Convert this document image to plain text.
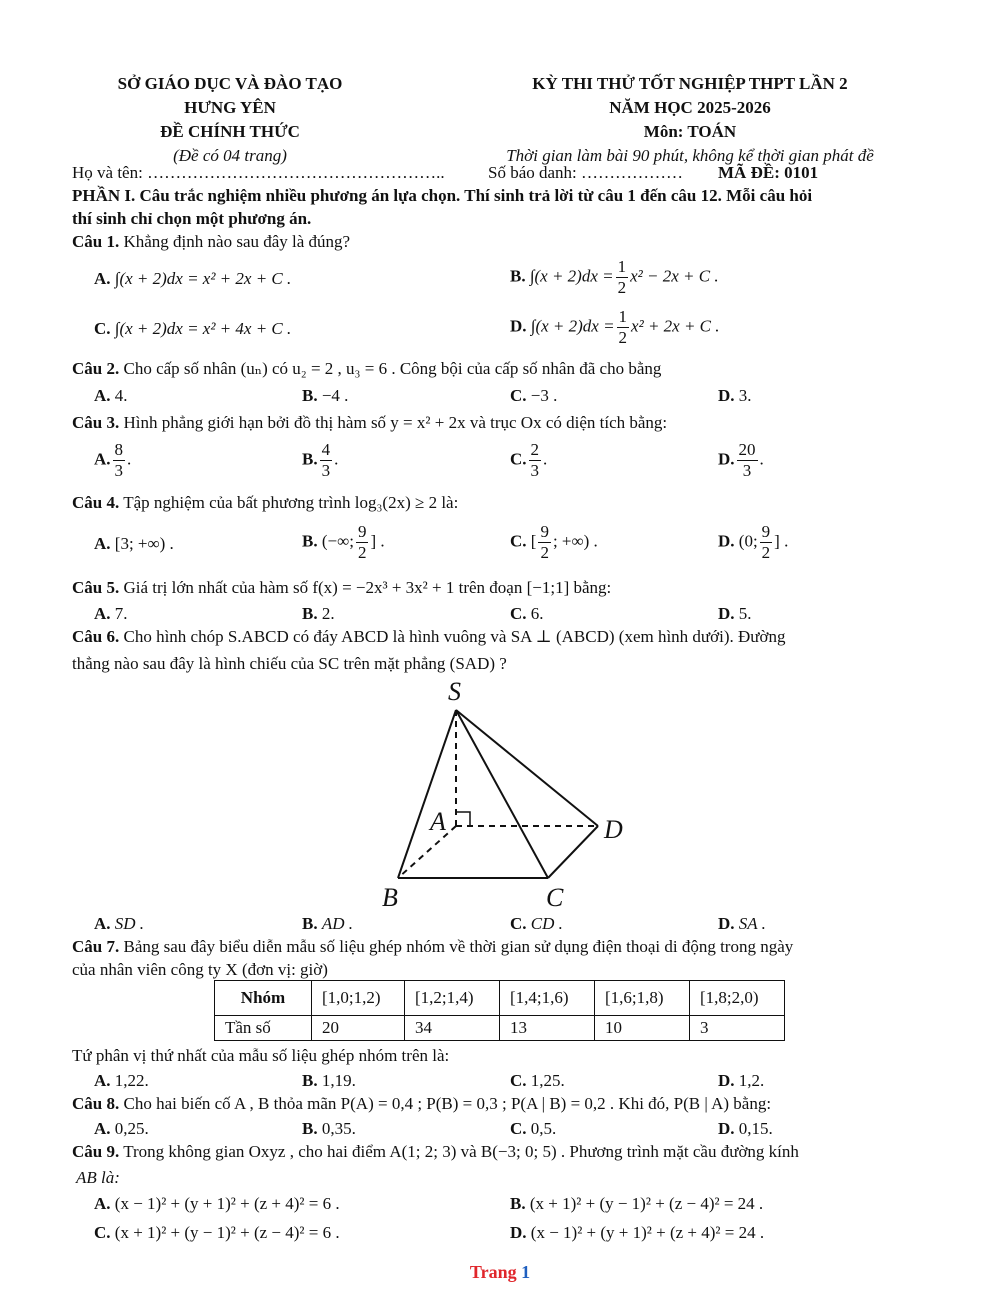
SỞ GIÁO DỤC VÀ ĐÀO TẠO
HƯNG YÊN
ĐỀ CHÍNH THỨC
(Đề có 04 trang)
KỲ THI THỬ TỐT NGHIỆP THPT LẦN 2
NĂM HỌC 2025-2026
Môn: TOÁN
Thời gian làm bài 90 phút, không kể thời gian phát đề
Họ và tên: ……………………………………………..	Số báo danh: ……………… MÃ ĐỀ: 0101
PHẦN I. Câu trắc nghiệm nhiều phương án lựa chọn. Thí sinh trả lời từ câu 1 đến câu 12. Mỗi câu hỏi
thí sinh chỉ chọn một phương án.
Câu 1. Khẳng định nào sau đây là đúng?
A. ∫(x + 2)dx = x² + 2x + C .	B. $\int(x + 2)dx = \frac{1}{2} x^2 - 2x + C$ .
C. ∫(x + 2)dx = x² + 4x + C .	D. $\int(x + 2)dx = \frac{1}{2} x^2 + 2x + C$ .
Câu 2. Cho cấp số nhân (uₙ) có u₂ = 2 , u₃ = 6 . Công bội của cấp số nhân đã cho bằng
A. 4.	B. −4 .	C. −3 .	D. 3.
Câu 3. Hình phẳng giới hạn bởi đồ thị hàm số y = x² + 2x và trục Ox có diện tích bằng:
A. $\frac{8}{3}$ .	B. $\frac{4}{3}$ .	C. $\frac{2}{3}$ .	D. $\frac{20}{3}$ .
Câu 4. Tập nghiệm của bất phương trình log₃(2x) ≥ 2 là:
A. [3; +∞) .	B. (−∞; $\frac{9}{2}$ ] .	C. [ $\frac{9}{2}$ ; +∞) .	D. (0; $\frac{9}{2}$ ] .
Câu 5. Giá trị lớn nhất của hàm số f(x) = −2x³ + 3x² + 1 trên đoạn [−1;1] bằng:
A. 7.	B. 2.	C. 6.	D. 5.
Câu 6. Cho hình chóp S.ABCD có đáy ABCD là hình vuông và SA ⊥ (ABCD) (xem hình dưới). Đường
thẳng nào sau đây là hình chiếu của SC trên mặt phẳng (SAD) ?
S
A
B	C
D
A. SD .	B. AD .	C. CD .	D. SA .
Câu 7. Bảng sau đây biểu diễn mẫu số liệu ghép nhóm về thời gian sử dụng điện thoại di động trong ngày
của nhân viên công ty X (đơn vị: giờ)
Nhóm	[1,0;1,2)	[1,2;1,4)	[1,4;1,6)	[1,6;1,8)	[1,8;2,0)
Tần số	20	34	13	10	3
Tứ phân vị thứ nhất của mẫu số liệu ghép nhóm trên là:
A. 1,22.	B. 1,19.	C. 1,25.	D. 1,2.
Câu 8. Cho hai biến cố A , B thỏa mãn P(A) = 0,4 ; P(B) = 0,3 ; P(A | B) = 0,2 . Khi đó, P(B | A) bằng:
A. 0,25.	B. 0,35.	C. 0,5.	D. 0,15.
Câu 9. Trong không gian Oxyz , cho hai điểm A(1; 2; 3) và B(−3; 0; 5) . Phương trình mặt cầu đường kính
AB là:
A. (x − 1)² + (y + 1)² + (z + 4)² = 6 .	B. (x + 1)² + (y − 1)² + (z − 4)² = 24 .
C. (x + 1)² + (y − 1)² + (z − 4)² = 6 .	D. (x − 1)² + (y + 1)² + (z + 4)² = 24 .
Trang 1
